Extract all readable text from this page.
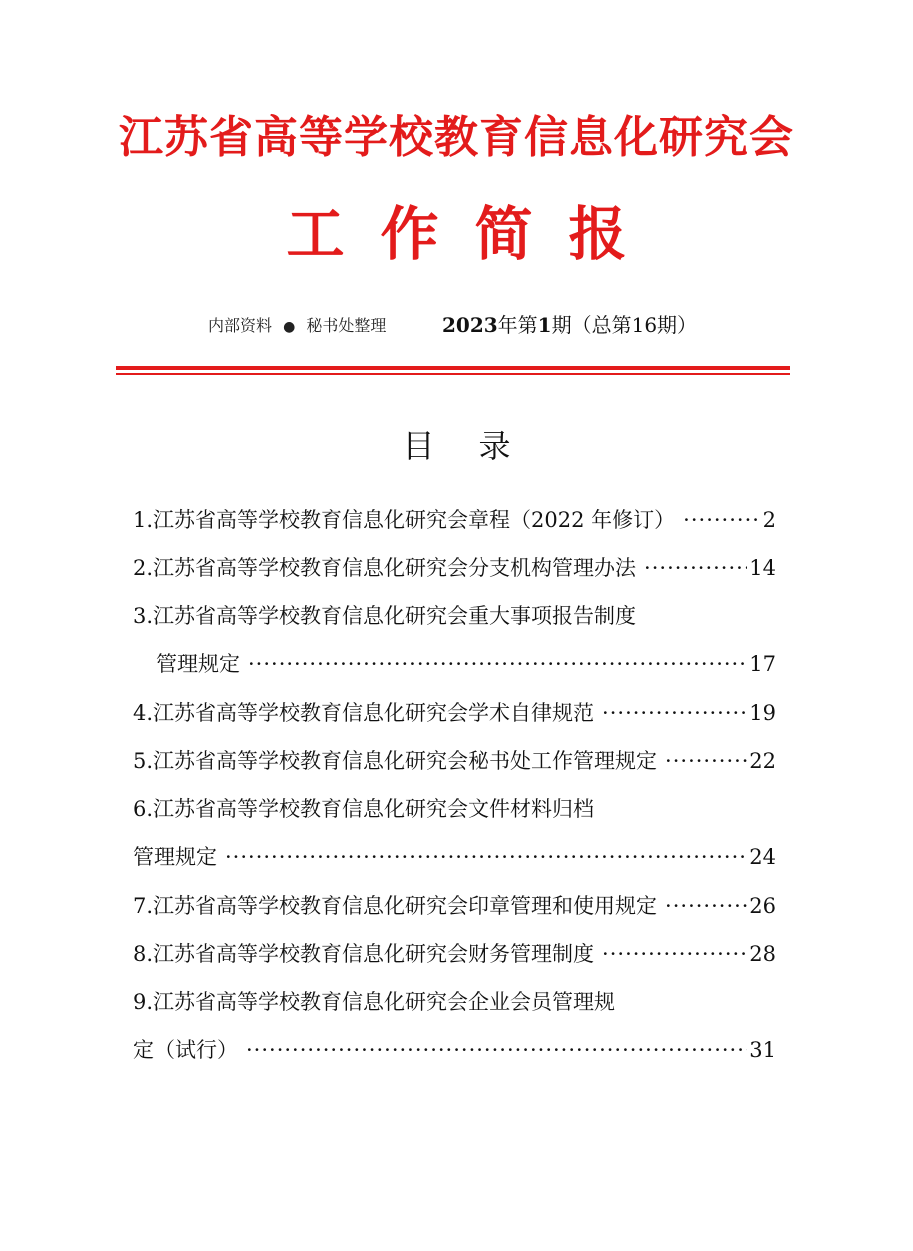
江苏省高等学校教育信息化研究会
工作简报
内部资料 ● 秘书处整理	2023年第1期（总第16期）
目录
1.江苏省高等学校教育信息化研究会章程（2022 年修订） ·····	2
2.江苏省高等学校教育信息化研究会分支机构管理办法 ·····	14
3.江苏省高等学校教育信息化研究会重大事项报告制度
管理规定 ·····	17
4.江苏省高等学校教育信息化研究会学术自律规范 ·····	19
5.江苏省高等学校教育信息化研究会秘书处工作管理规定 ·····	22
6.江苏省高等学校教育信息化研究会文件材料归档
管理规定 ·····	24
7.江苏省高等学校教育信息化研究会印章管理和使用规定 ·····	26
8.江苏省高等学校教育信息化研究会财务管理制度 ·····	28
9.江苏省高等学校教育信息化研究会企业会员管理规
定（试行） ·····	31
